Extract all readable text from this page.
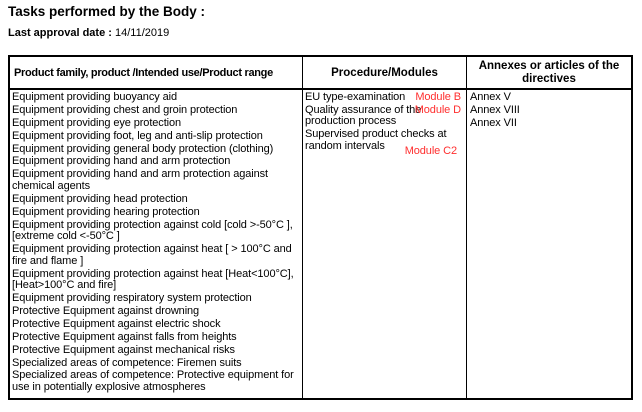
Tasks performed by the Body :
Last approval date : 14/11/2019
Product family, product /Intended use/Product range	Procedure/Modules
Annexes or articles of the directives
Equipment providing buoyancy aid
Equipment providing chest and groin protection
Equipment providing eye protection
Equipment providing foot, leg and anti-slip protection
Equipment providing general body protection (clothing)
Equipment providing hand and arm protection
Equipment providing hand and arm protection against chemical agents
Equipment providing head protection
Equipment providing hearing protection
Equipment providing protection against cold [cold >-50°C ], [extreme cold <-50°C ]
Equipment providing protection against heat [ > 100°C and fire and flame ]
Equipment providing protection against heat [Heat<100°C], [Heat>100°C and fire]
Equipment providing respiratory system protection
Protective Equipment against drowning
Protective Equipment against electric shock
Protective Equipment against falls from heights
Protective Equipment against mechanical risks
Specialized areas of competence: Firemen suits
Specialized areas of competence: Protective equipment for use in potentially explosive atmospheres
EU type-examination
Quality assurance of the production process
Supervised product checks at random intervals
Module B
Module D
Module C2
Annex V
Annex VIII
Annex VII
